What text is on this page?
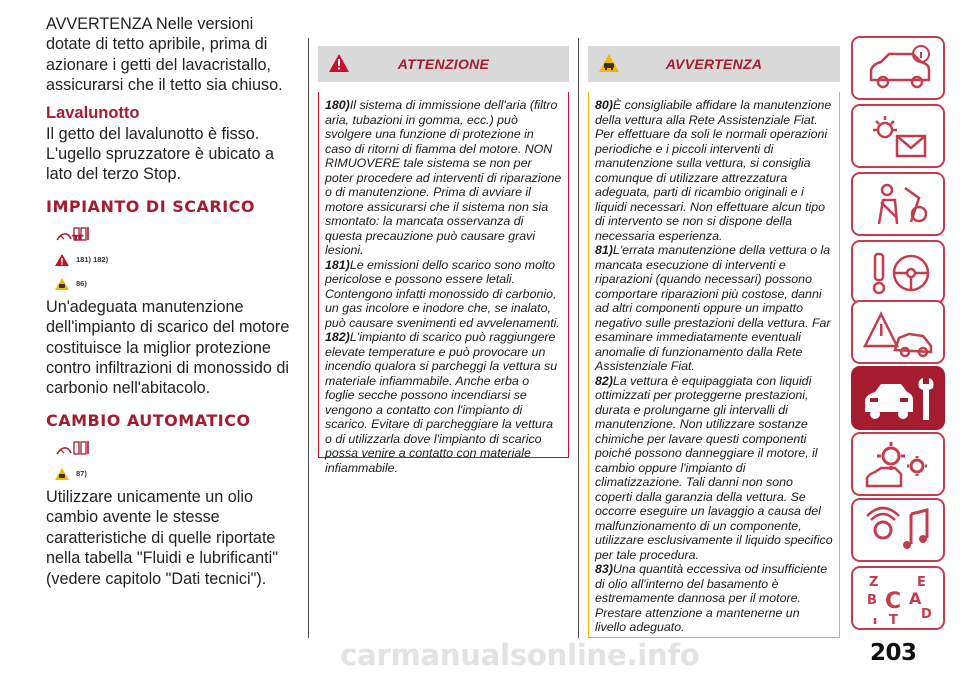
AVVERTENZA Nelle versioni dotate di tetto apribile, prima di azionare i getti del lavacristallo, assicurarsi che il tetto sia chiuso.

Lavalunotto

Il getto del lavalunotto è fisso. L'ugello spruzzatore è ubicato a lato del terzo Stop.

IMPIANTO DI SCARICO
ᚂ
181) 182)
86)

Un'adeguata manutenzione dell'impianto di scarico del motore costituisce la miglior protezione contro infiltrazioni di monossido di carbonio nell'abitacolo.

CAMBIO AUTOMATICO
87)

Utilizzare unicamente un olio cambio avente le stesse caratteristiche di quelle riportate nella tabella "Fluidi e lubrificanti" (vedere capitolo "Dati tecnici").

ATTENZIONE

180)Il sistema di immissione dell'aria (filtro aria, tubazioni in gomma, ecc.) può svolgere una funzione di protezione in caso di ritorni di fiamma del motore. NON RIMUOVERE tale sistema se non per poter procedere ad interventi di riparazione o di manutenzione. Prima di avviare il motore assicurarsi che il sistema non sia smontato: la mancata osservanza di questa precauzione può causare gravi lesioni.

181)Le emissioni dello scarico sono molto pericolose e possono essere letali. Contengono infatti monossido di carbonio, un gas incolore e inodore che, se inalato, può causare svenimenti ed avvelenamenti.

182)L'impianto di scarico può raggiungere elevate temperature e può provocare un incendio qualora si parcheggi la vettura su materiale infiammabile. Anche erba o foglie secche possono incendiarsi se vengono a contatto con l'impianto di scarico. Evitare di parcheggiare la vettura o di utilizzarla dove l'impianto di scarico possa venire a contatto con materiale infiammabile.

AVVERTENZA

80)È consigliabile affidare la manutenzione della vettura alla Rete Assistenziale Fiat. Per effettuare da soli le normali operazioni periodiche e i piccoli interventi di manutenzione sulla vettura, si consiglia comunque di utilizzare attrezzatura adeguata, parti di ricambio originali e i liquidi necessari. Non effettuare alcun tipo di intervento se non si dispone della necessaria esperienza.

81)L'errata manutenzione della vettura o la mancata esecuzione di interventi e riparazioni (quando necessari) possono comportare riparazioni più costose, danni ad altri componenti oppure un impatto negativo sulle prestazioni della vettura. Far esaminare immediatamente eventuali anomalie di funzionamento dalla Rete Assistenziale Fiat.

82)La vettura è equipaggiata con liquidi ottimizzati per proteggerne prestazioni, durata e prolungarne gli intervalli di manutenzione. Non utilizzare sostanze chimiche per lavare questi componenti poiché possono danneggiare il motore, il cambio oppure l'impianto di climatizzazione. Tali danni non sono coperti dalla garanzia della vettura. Se occorre eseguire un lavaggio a causa del malfunzionamento di un componente, utilizzare esclusivamente il liquido specifico per tale procedura.

83)Una quantità eccessiva od insufficiente di olio all'interno del basamento è estremamente dannosa per il motore. Prestare attenzione a mantenerne un livello adeguato.

Z	E
B A
C
T D
carmanualsonline.info	203
